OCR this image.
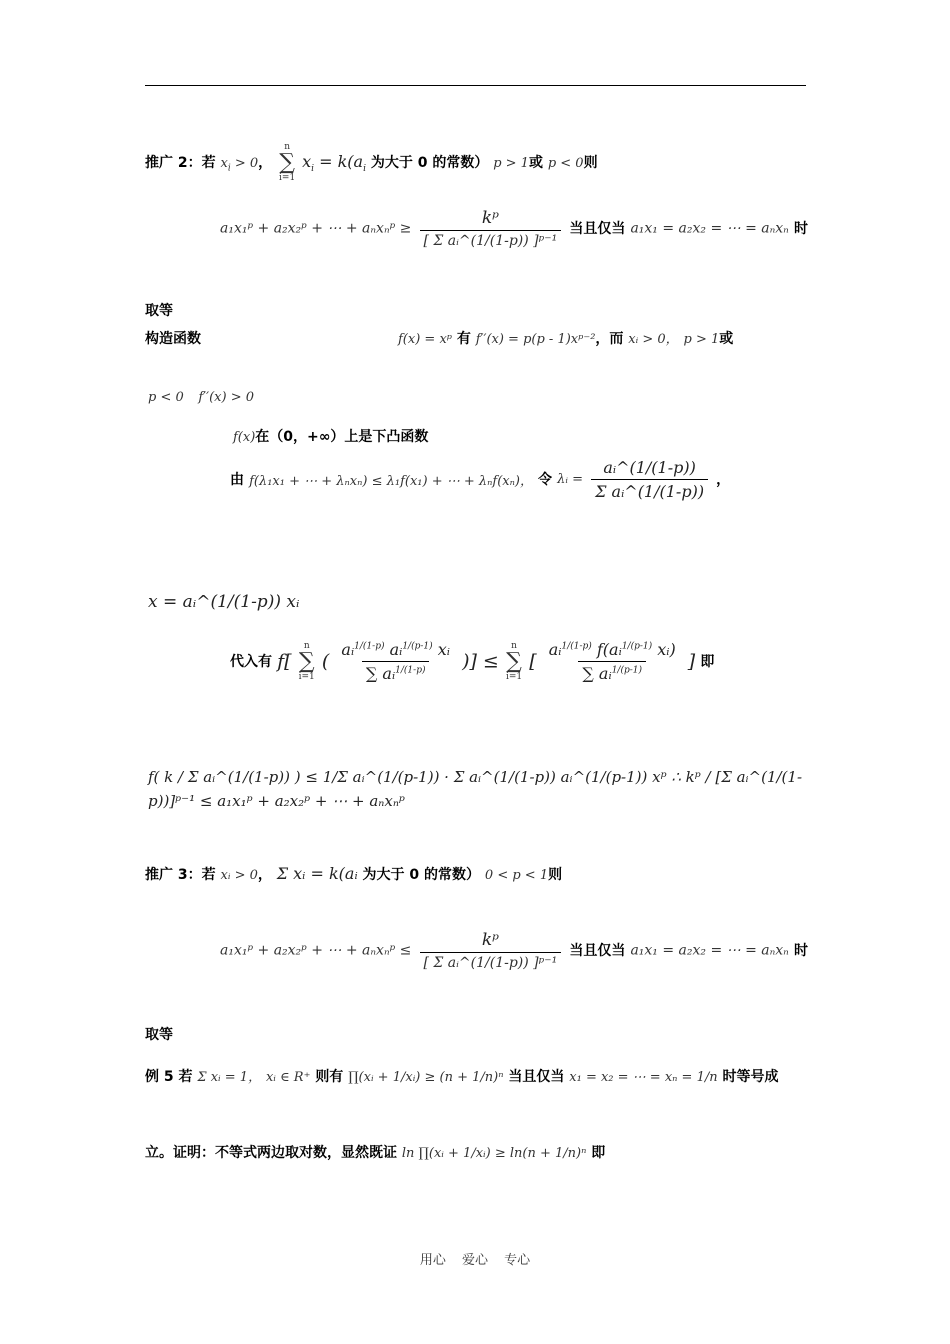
推广 2：若 $x_i > 0$，
n
∑
i=1
$x_i = k(a_i$ 为大于 0 的常数） p > 1或 p < 0则
a₁x₁ᵖ + a₂x₂ᵖ + ⋯ + aₙxₙᵖ ≥ $\frac{\text{kᵖ}}{\text{[ Σ aᵢ\textasciicircum{}(1/(1-p)) ]ᵖ⁻¹}}$ 当且仅当 a₁x₁ = a₂x₂ = ⋯ = aₙxₙ 时
取等
构造函数	f(x) = xᵖ 有 f′′(x) = p(p - 1)xᵖ⁻²，而 xᵢ > 0， p > 1或
p < 0 f′′(x) > 0
f(x)在（0，+∞）上是下凸函数
由 f(λ₁x₁ + ⋯ + λₙxₙ) ≤ λ₁f(x₁) + ⋯ + λₙf(xₙ)， 令 λᵢ = $\frac{\text{aᵢ\textasciicircum{}(1/(1-p))}}{\text{Σ aᵢ\textasciicircum{}(1/(1-p))}}$ ，
x = aᵢ^(1/(1-p)) xᵢ
代入有 f[
n
∑
i=1
( $\frac{aᵢ^{1/(1-p)} aᵢ^{1/(p-1)} xᵢ}{\sum aᵢ^{1/(1-p)}}$ )] ≤
n
∑
i=1
[ $\frac{aᵢ^{1/(1-p)} f(aᵢ^{1/(p-1)} xᵢ)}{\sum aᵢ^{1/(p-1)}}$ ] 即
f( k / Σ aᵢ^(1/(1-p)) ) ≤ 1/Σ aᵢ^(1/(p-1)) · Σ aᵢ^(1/(1-p)) aᵢ^(1/(p-1)) xᵖ ∴ kᵖ / [Σ aᵢ^(1/(1-p))]ᵖ⁻¹ ≤ a₁x₁ᵖ + a₂x₂ᵖ + ⋯ + aₙxₙᵖ
推广 3：若 xᵢ > 0， Σ xᵢ = k(aᵢ 为大于 0 的常数） 0 < p < 1则
a₁x₁ᵖ + a₂x₂ᵖ + ⋯ + aₙxₙᵖ ≤ $\frac{\text{kᵖ}}{\text{[ Σ aᵢ\textasciicircum{}(1/(1-p)) ]ᵖ⁻¹}}$ 当且仅当 a₁x₁ = a₂x₂ = ⋯ = aₙxₙ 时
取等
例 5 若 Σ xᵢ = 1， xᵢ ∈ R⁺ 则有 ∏(xᵢ + 1/xᵢ) ≥ (n + 1/n)ⁿ 当且仅当 x₁ = x₂ = ⋯ = xₙ = 1/n 时等号成
立。证明：不等式两边取对数，显然既证 ln ∏(xᵢ + 1/xᵢ) ≥ ln(n + 1/n)ⁿ 即
用心 爱心 专心
